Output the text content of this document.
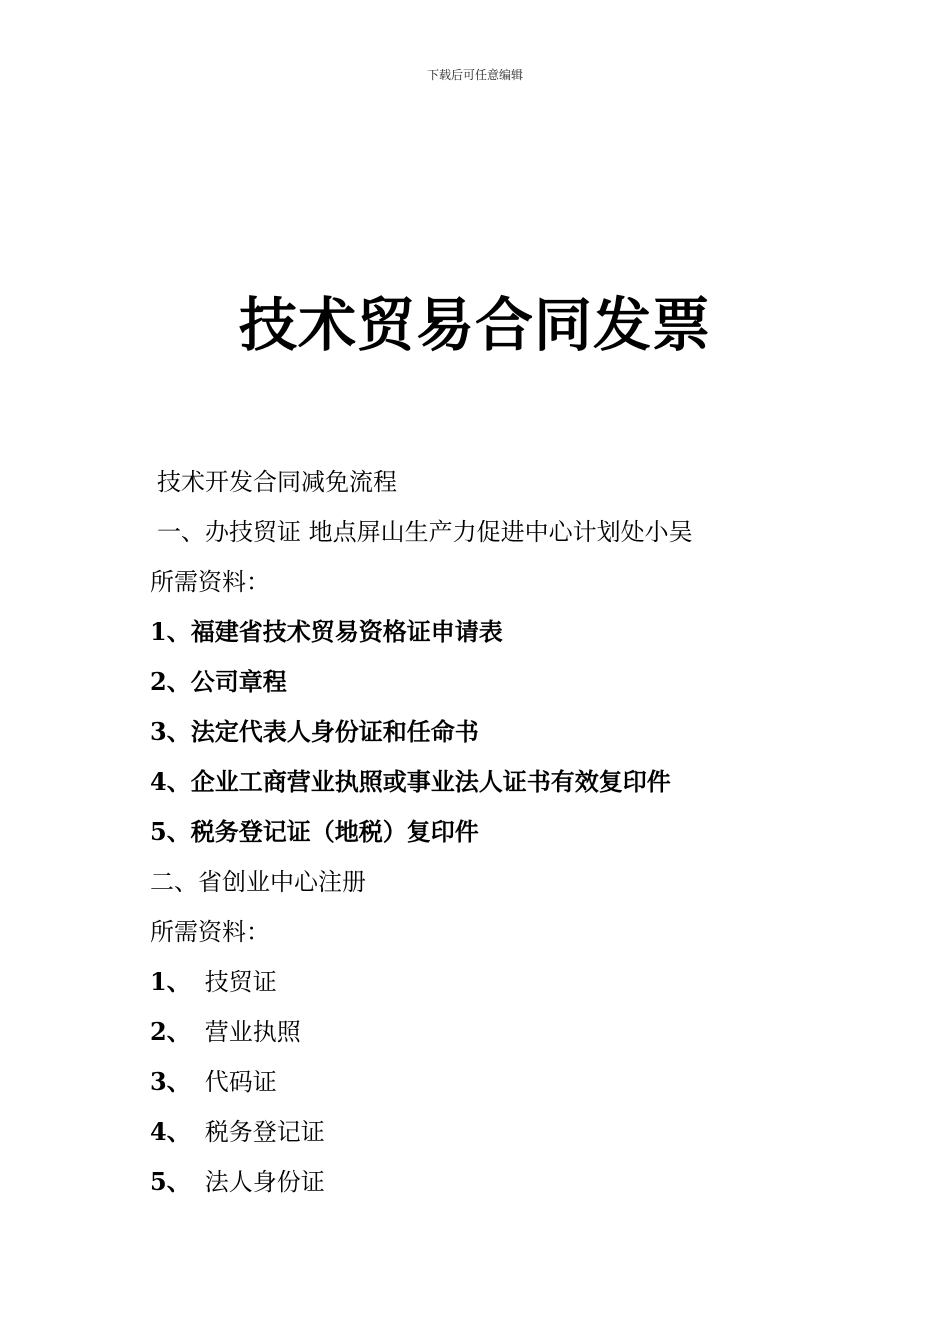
下载后可任意编辑
技术贸易合同发票
技术开发合同减免流程
一、办技贸证 地点屏山生产力促进中心计划处小吴
所需资料：
1、福建省技术贸易资格证申请表
2、公司章程
3、法定代表人身份证和任命书
4、企业工商营业执照或事业法人证书有效复印件
5、税务登记证（地税）复印件
二、省创业中心注册
所需资料：
1、 技贸证
2、 营业执照
3、 代码证
4、 税务登记证
5、 法人身份证
